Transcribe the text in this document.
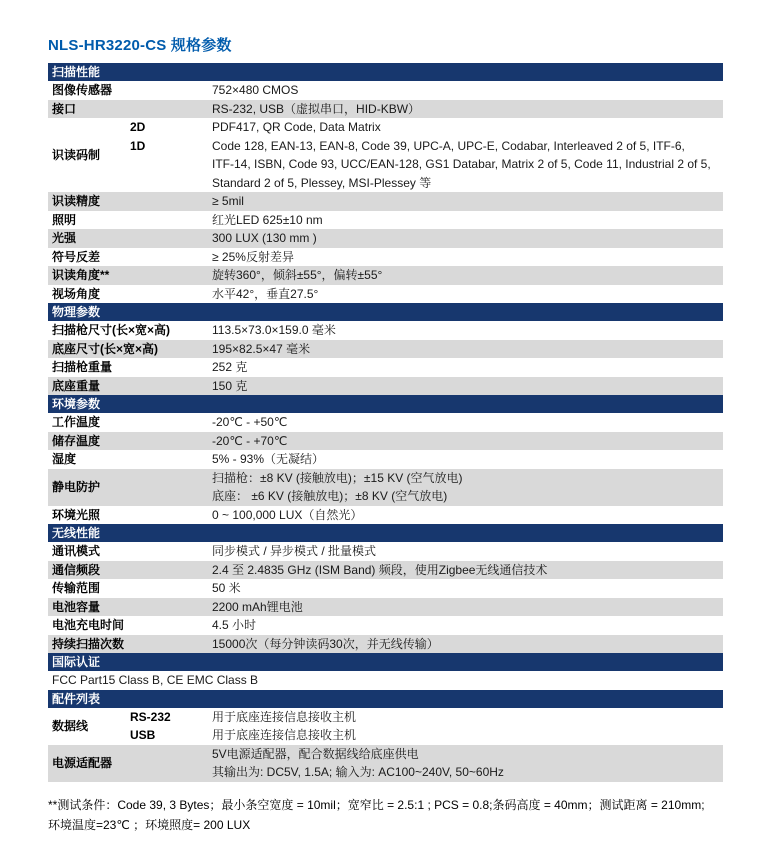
NLS-HR3220-CS 规格参数
扫描性能		
图像传感器		752×480 CMOS
接口		RS-232, USB（虚拟串口，HID-KBW）
识读码制	2D	PDF417, QR Code, Data Matrix
	1D	Code 128, EAN-13, EAN-8, Code 39, UPC-A, UPC-E, Codabar, Interleaved 2 of 5, ITF-6,
ITF-14, ISBN, Code 93, UCC/EAN-128, GS1 Databar, Matrix 2 of 5, Code 11, Industrial 2 of 5,
Standard 2 of 5, Plessey, MSI-Plessey 等

识读精度		≥ 5mil
照明		红光LED 625±10 nm
光强		300 LUX (130 mm )
符号反差		≥ 25%反射差异
识读角度**		旋转360°，倾斜±55°，偏转±55°
视场角度		水平42°，垂直27.5°
物理参数		
扫描枪尺寸(长×宽×高)		113.5×73.0×159.0 毫米
底座尺寸(长×宽×高)		195×82.5×47 毫米
扫描枪重量		252 克
底座重量		150 克
环境参数		
工作温度		-20℃ - +50℃
储存温度		-20℃ - +70℃
湿度		5% - 93%（无凝结）
静电防护		扫描枪：±8 KV (接触放电)；±15 KV (空气放电)
底座： ±6 KV (接触放电)；±8 KV (空气放电)

环境光照		0 ~ 100,000 LUX（自然光）
无线性能		
通讯模式		同步模式 / 异步模式 / 批量模式
通信频段		2.4 至 2.4835 GHz (ISM Band) 频段，使用Zigbee无线通信技术
传输范围		50 米
电池容量		2200 mAh锂电池
电池充电时间		4.5 小时
持续扫描次数		15000次（每分钟读码30次，并无线传输）
国际认证		
FCC Part15 Class B, CE EMC Class B		
配件列表		
数据线	RS-232	用于底座连接信息接收主机
	USB	用于底座连接信息接收主机
电源适配器		5V电源适配器，配合数据线给底座供电
其输出为: DC5V, 1.5A; 输入为: AC100~240V, 50~60Hz
**测试条件：Code 39, 3 Bytes；最小条空宽度 = 10mil；宽窄比 = 2.5:1 ; PCS = 0.8;条码高度 = 40mm；测试距离 = 210mm;
环境温度=23℃ ；环境照度= 200 LUX
